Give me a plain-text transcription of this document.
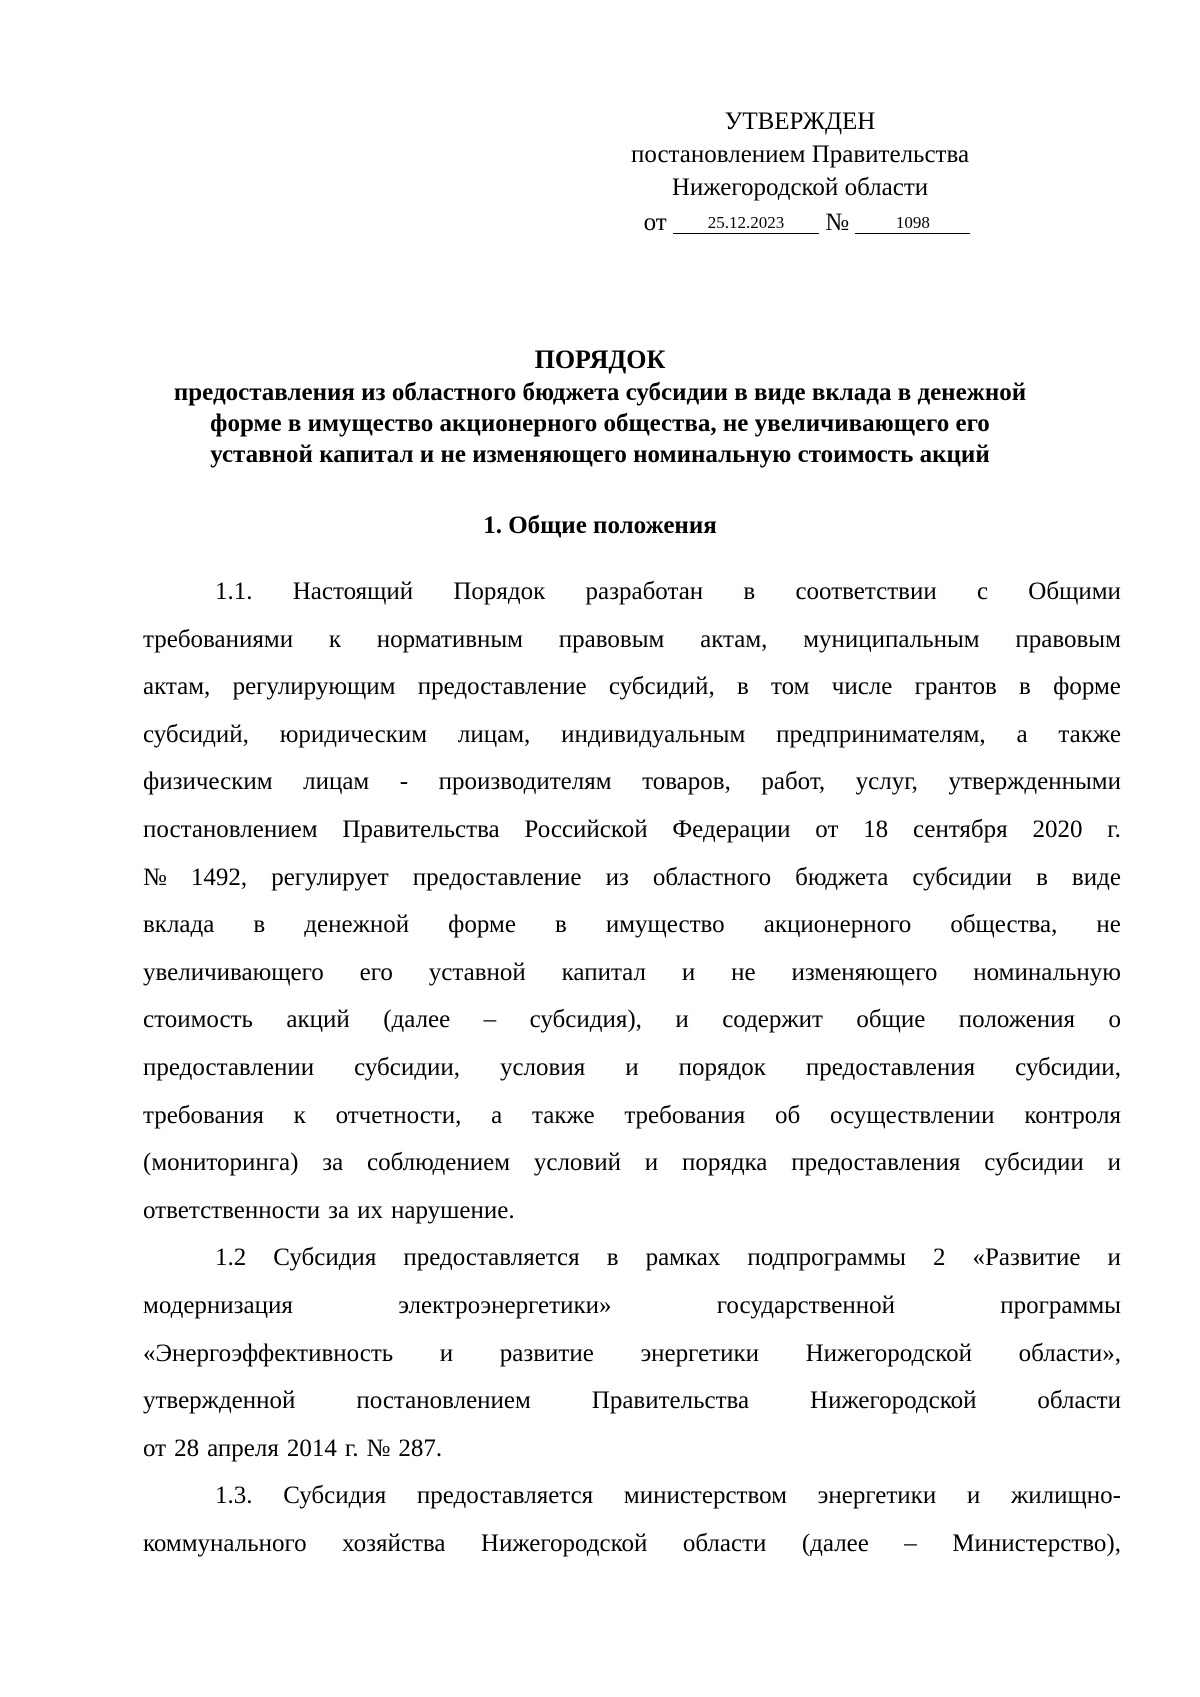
УТВЕРЖДЕН
постановлением Правительства
Нижегородской области
от 25.12.2023 №	1098
ПОРЯДОК
предоставления из областного бюджета субсидии в виде вклада в денежной
форме в имущество акционерного общества, не увеличивающего его
уставной капитал и не изменяющего номинальную стоимость акций
1. Общие положения
1.1. Настоящий Порядок разработан в соответствии с Общими
требованиями к нормативным правовым актам, муниципальным правовым
актам, регулирующим предоставление субсидий, в том числе грантов в форме
субсидий, юридическим лицам, индивидуальным предпринимателям, а также
физическим лицам - производителям товаров, работ, услуг, утвержденными
постановлением Правительства Российской Федерации от 18 сентября 2020 г.
№ 1492, регулирует предоставление из областного бюджета субсидии в виде
вклада в денежной форме в имущество акционерного общества, не
увеличивающего его уставной капитал и не изменяющего номинальную
стоимость акций (далее – субсидия), и содержит общие положения о
предоставлении субсидии, условия и порядок предоставления субсидии,
требования к отчетности, а также требования об осуществлении контроля
(мониторинга) за соблюдением условий и порядка предоставления субсидии и
ответственности за их нарушение.
1.2 Субсидия предоставляется в рамках подпрограммы 2 «Развитие и
модернизация	электроэнергетики»	государственной	программы
«Энергоэффективность и развитие энергетики Нижегородской области»,
утвержденной постановлением Правительства Нижегородской области
от 28 апреля 2014 г. № 287.
1.3. Субсидия предоставляется министерством энергетики и жилищно-
коммунального хозяйства Нижегородской области (далее – Министерство),
